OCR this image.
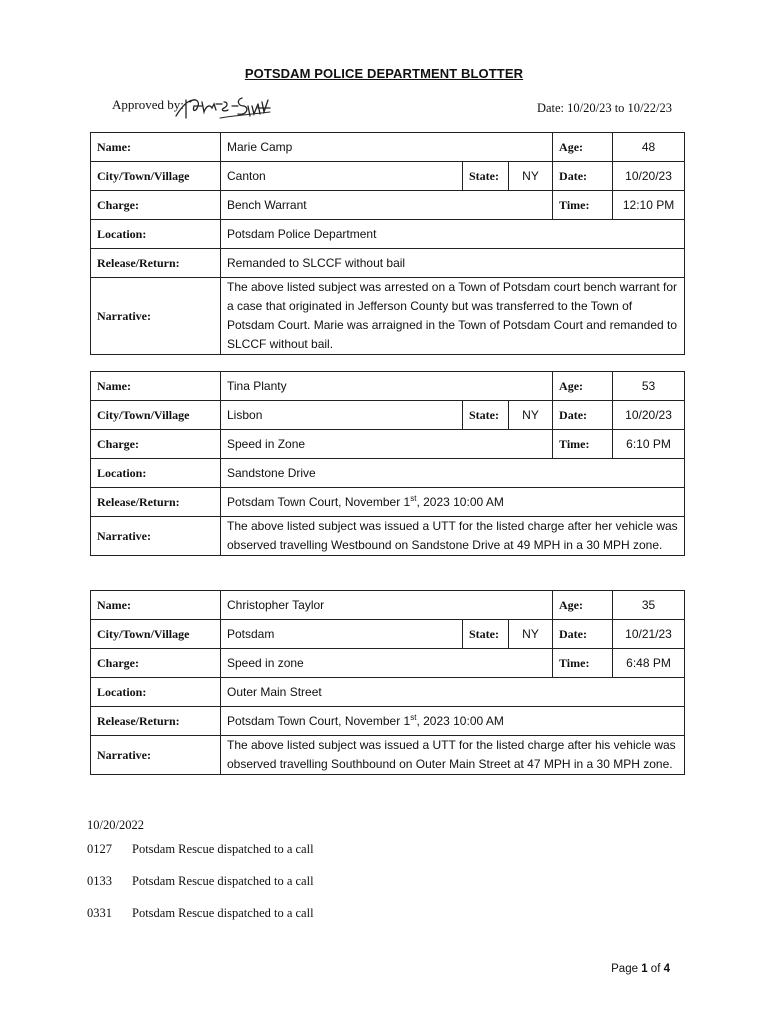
POTSDAM POLICE DEPARTMENT BLOTTER
Approved by:	Date: 10/20/23 to 10/22/23
Name:	Marie Camp			Age:	48
City/Town/Village	Canton	State:	NY	Date:	10/20/23
Charge:	Bench Warrant			Time:	12:10 PM
Location:	Potsdam Police Department				
Release/Return:	Remanded to SLCCF without bail				
Narrative:	The above listed subject was arrested on a Town of Potsdam court bench warrant for a case that originated in Jefferson County but was transferred to the Town of Potsdam Court. Marie was arraigned in the Town of Potsdam Court and remanded to SLCCF without bail.				
Name:	Tina Planty			Age:	53
City/Town/Village	Lisbon	State:	NY	Date:	10/20/23
Charge:	Speed in Zone			Time:	6:10 PM
Location:	Sandstone Drive				
Release/Return:	Potsdam Town Court, November 1st, 2023 10:00 AM				
Narrative:	The above listed subject was issued a UTT for the listed charge after her vehicle was observed travelling Westbound on Sandstone Drive at 49 MPH in a 30 MPH zone.				
Name:	Christopher Taylor			Age:	35
City/Town/Village	Potsdam	State:	NY	Date:	10/21/23
Charge:	Speed in zone			Time:	6:48 PM
Location:	Outer Main Street				
Release/Return:	Potsdam Town Court, November 1st, 2023 10:00 AM				
Narrative:	The above listed subject was issued a UTT for the listed charge after his vehicle was observed travelling Southbound on Outer Main Street at 47 MPH in a 30 MPH zone.				
10/20/2022
0127 Potsdam Rescue dispatched to a call
0133 Potsdam Rescue dispatched to a call
0331 Potsdam Rescue dispatched to a call
Page 1 of 4
